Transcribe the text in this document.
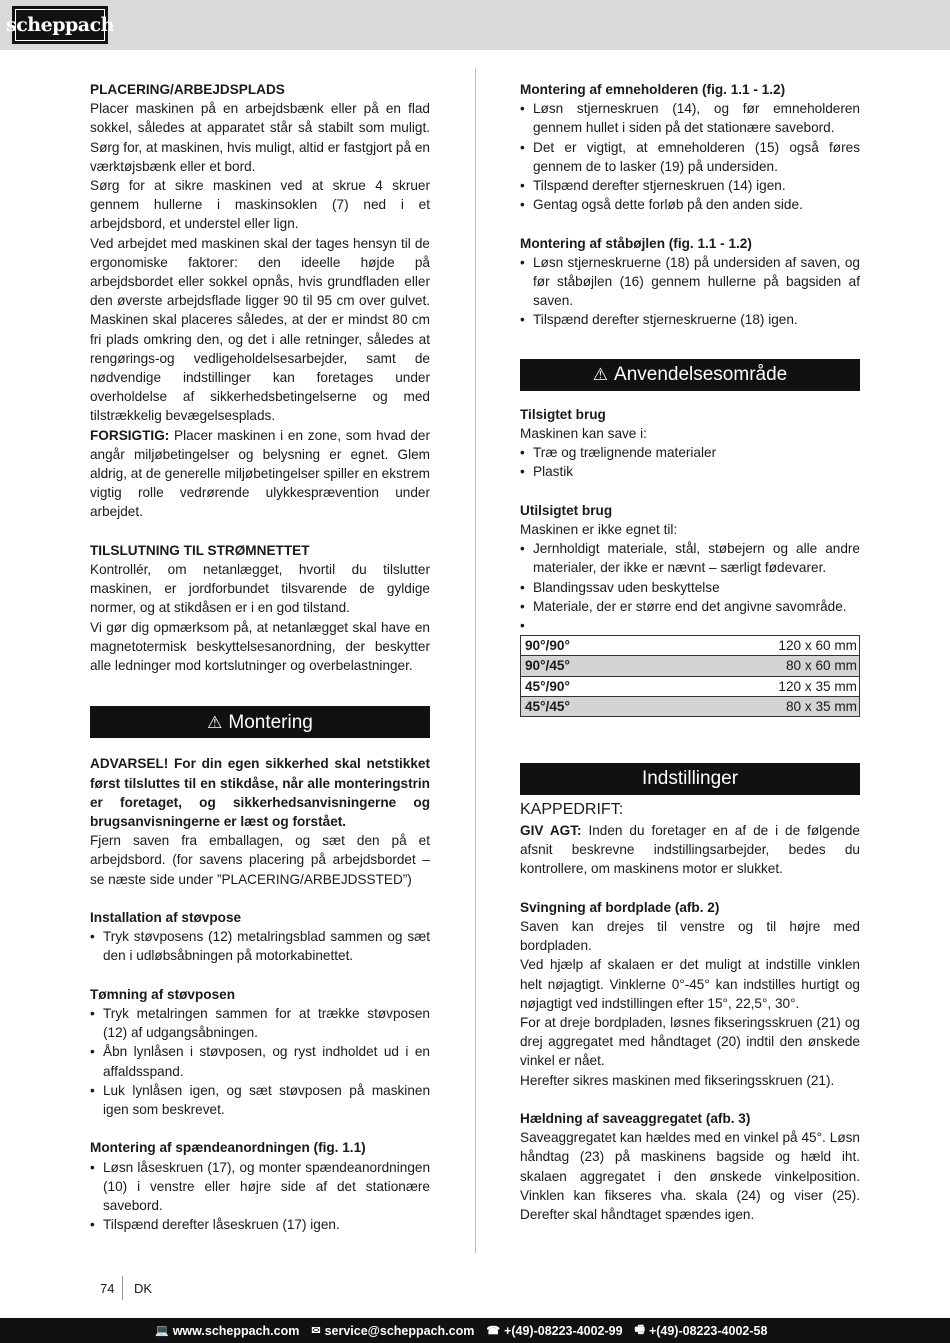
scheppach

PLACERING/ARBEJDSPLADS

Placer maskinen på en arbejdsbænk eller på en flad sokkel, således at apparatet står så stabilt som muligt. Sørg for, at maskinen, hvis muligt, altid er fastgjort på en værktøjsbænk eller et bord.

Sørg for at sikre maskinen ved at skrue 4 skruer gennem hullerne i maskinsoklen (7) ned i et arbejdsbord, et understel eller lign.

Ved arbejdet med maskinen skal der tages hensyn til de ergonomiske faktorer: den ideelle højde på arbejdsbordet eller sokkel opnås, hvis grundfladen eller den øverste arbejdsflade ligger 90 til 95 cm over gulvet. Maskinen skal placeres således, at der er mindst 80 cm fri plads omkring den, og det i alle retninger, således at rengørings-og vedligeholdelsesarbejder, samt de nødvendige indstillinger kan foretages under overholdelse af sikkerhedsbetingelserne og med tilstrækkelig bevægelsesplads.

FORSIGTIG: Placer maskinen i en zone, som hvad der angår miljøbetingelser og belysning er egnet. Glem aldrig, at de generelle miljøbetingelser spiller en ekstrem vigtig rolle vedrørende ulykkesprævention under arbejdet.

TILSLUTNING TIL STRØMNETTET

Kontrollér, om netanlægget, hvortil du tilslutter maskinen, er jordforbundet tilsvarende de gyldige normer, og at stikdåsen er i en god tilstand.

Vi gør dig opmærksom på, at netanlægget skal have en magnetotermisk beskyttelsesanordning, der beskytter alle ledninger mod kortslutninger og overbelastninger.

⚠ Montering

ADVARSEL! For din egen sikkerhed skal netstikket først tilsluttes til en stikdåse, når alle monteringstrin er foretaget, og sikkerhedsanvisningerne og brugsanvisningerne er læst og forstået.

Fjern saven fra emballagen, og sæt den på et arbejdsbord. (for savens placering på arbejdsbordet – se næste side under ”PLACERING/ARBEJDSSTED”)

Installation af støvpose

• Tryk støvposens (12) metalringsblad sammen og sæt den i udløbsåbningen på motorkabinettet.

Tømning af støvposen

• Tryk metalringen sammen for at trække støvposen (12) af udgangsåbningen.
• Åbn lynlåsen i støvposen, og ryst indholdet ud i en affaldsspand.
• Luk lynlåsen igen, og sæt støvposen på maskinen igen som beskrevet.

Montering af spændeanordningen (fig. 1.1)

• Løsn låseskruen (17), og monter spændeanordningen (10) i venstre eller højre side af det stationære savebord.
• Tilspænd derefter låseskruen (17) igen.

Montering af emneholderen (fig. 1.1 - 1.2)

• Løsn stjerneskruen (14), og før emneholderen gennem hullet i siden på det stationære savebord.
• Det er vigtigt, at emneholderen (15) også føres gennem de to lasker (19) på undersiden.
• Tilspænd derefter stjerneskruen (14) igen.
• Gentag også dette forløb på den anden side.

Montering af ståbøjlen (fig. 1.1 - 1.2)

• Løsn stjerneskruerne (18) på undersiden af saven, og før ståbøjlen (16) gennem hullerne på bagsiden af saven.
• Tilspænd derefter stjerneskruerne (18) igen.
⚠ Anvendelsesområde

Tilsigtet brug

Maskinen kan save i:

• Træ og trælignende materialer
• Plastik

Utilsigtet brug

Maskinen er ikke egnet til:

• Jernholdigt materiale, stål, støbejern og alle andre materialer, der ikke er nævnt – særligt fødevarer.
• Blandingssav uden beskyttelse
• Materiale, der er større end det angivne savområde.
•
90°/90°	120 x 60 mm
90°/45°	80 x 60 mm
45°/90°	120 x 35 mm
45°/45°	80 x 35 mm
Indstillinger

KAPPEDRIFT:

GIV AGT: Inden du foretager en af de i de følgende afsnit beskrevne indstillingsarbejder, bedes du kontrollere, om maskinens motor er slukket.

Svingning af bordplade (afb. 2)

Saven kan drejes til venstre og til højre med bordpladen.

Ved hjælp af skalaen er det muligt at indstille vinklen helt nøjagtigt. Vinklerne 0°-45° kan indstilles hurtigt og nøjagtigt ved indstillingen efter 15°, 22,5°, 30°.

For at dreje bordpladen, løsnes fikseringsskruen (21) og drej aggregatet med håndtaget (20) indtil den ønskede vinkel er nået.

Herefter sikres maskinen med fikseringsskruen (21).

Hældning af saveaggregatet (afb. 3)

Saveaggregatet kan hældes med en vinkel på 45°. Løsn håndtag (23) på maskinens bagside og hæld iht. skalaen aggregatet i den ønskede vinkelposition. Vinklen kan fikseres vha. skala (24) og viser (25). Derefter skal håndtaget spændes igen.

74 DK
💻 www.scheppach.com ✉ service@scheppach.com ☎ +(49)-08223-4002-99 🖷 +(49)-08223-4002-58
